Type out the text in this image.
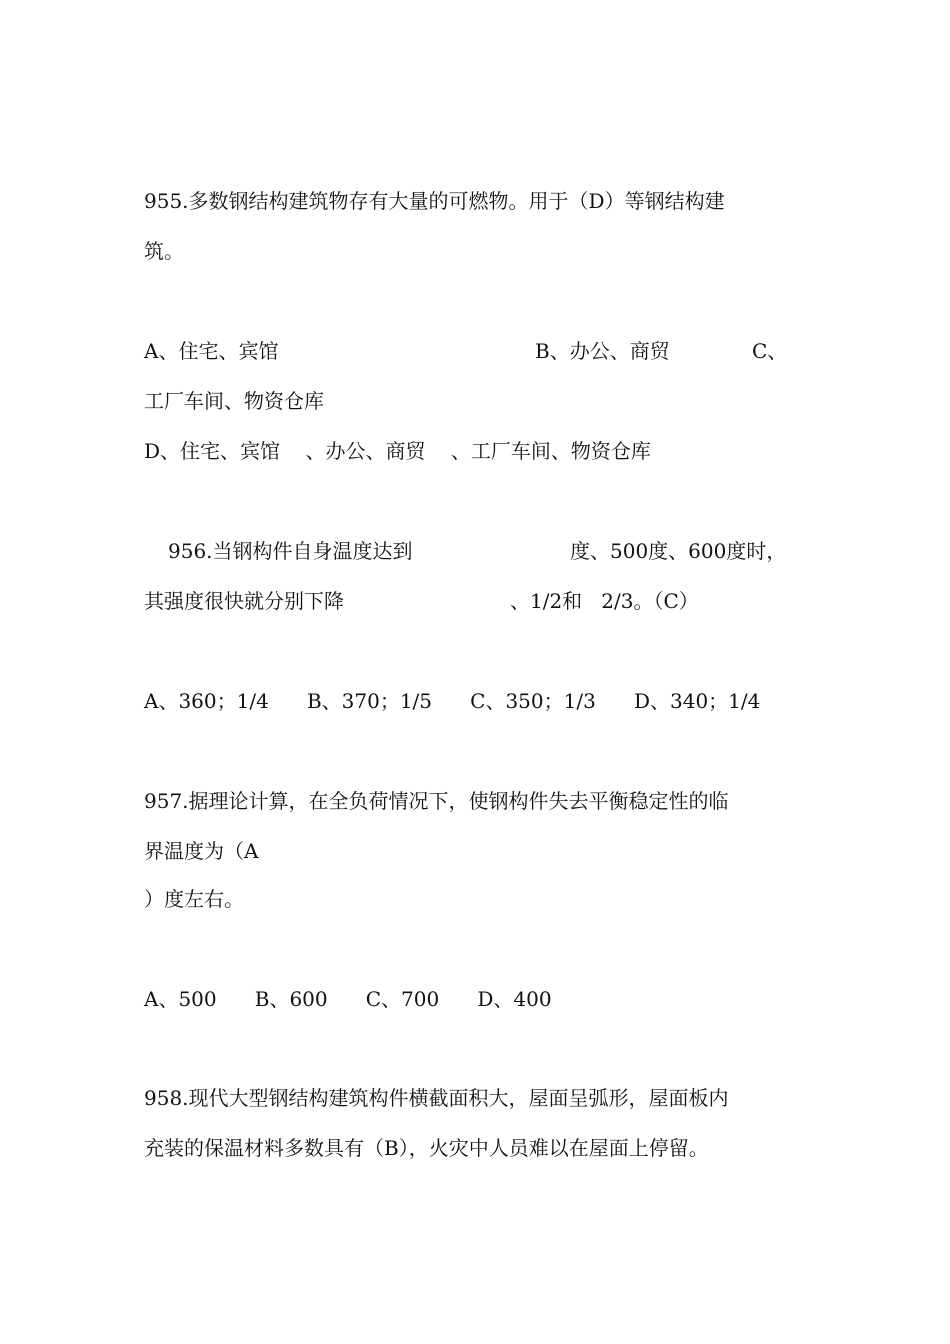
955.多数钢结构建筑物存有大量的可燃物。用于（D）等钢结构建
筑。
A、住宅、宾馆	B、办公、商贸	C、
工厂车间、物资仓库
D、住宅、宾馆    、办公、商贸    、工厂车间、物资仓库
956.当钢构件自身温度达到	度、500度、600度时，
其强度很快就分别下降	、1/2和   2/3。（C）
A、360；1/4      B、370；1/5      C、350；1/3      D、340；1/4
957.据理论计算，在全负荷情况下，使钢构件失去平衡稳定性的临
界温度为（A
）度左右。
A、500      B、600      C、700      D、400
958.现代大型钢结构建筑构件横截面积大，屋面呈弧形，屋面板内
充装的保温材料多数具有（B），火灾中人员难以在屋面上停留。
